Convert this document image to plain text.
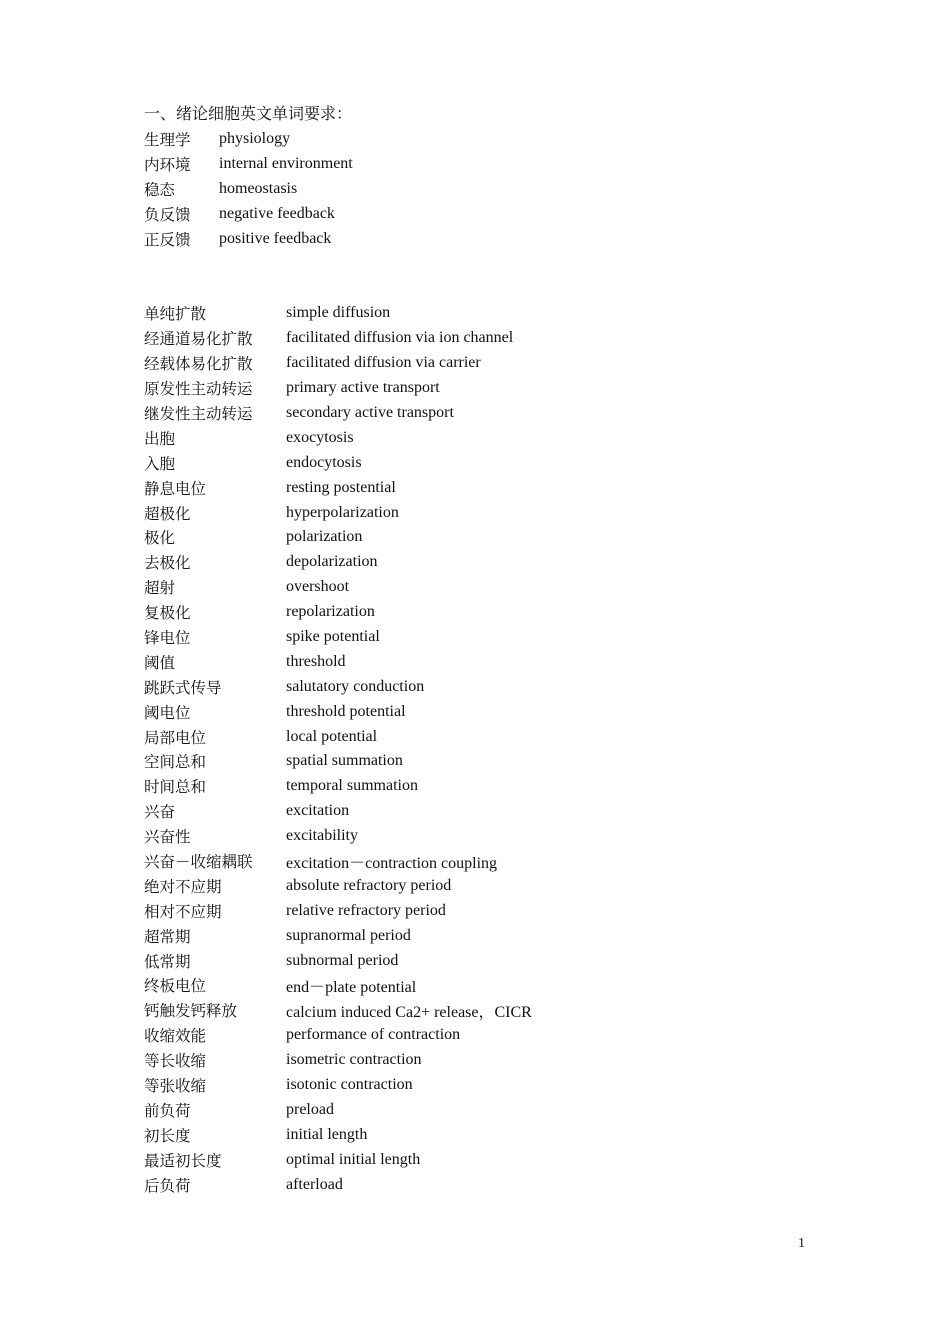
一、绪论细胞英文单词要求：
生理学	physiology
内环境	internal environment
稳态	homeostasis
负反馈	negative feedback
正反馈	positive feedback
单纯扩散	simple diffusion
经通道易化扩散	facilitated diffusion via ion channel
经载体易化扩散	facilitated diffusion via carrier
原发性主动转运	primary active transport
继发性主动转运	secondary active transport
出胞	exocytosis
入胞	endocytosis
静息电位	resting postential
超极化	hyperpolarization
极化	polarization
去极化	depolarization
超射	overshoot
复极化	repolarization
锋电位	spike potential
阈值	threshold
跳跃式传导	salutatory conduction
阈电位	threshold potential
局部电位	local potential
空间总和	spatial summation
时间总和	temporal summation
兴奋	excitation
兴奋性	excitability
兴奋－收缩耦联	excitation－contraction coupling
绝对不应期	absolute refractory period
相对不应期	relative refractory period
超常期	supranormal period
低常期	subnormal period
终板电位	end－plate potential
钙触发钙释放	calcium induced Ca2+ release，CICR
收缩效能	performance of contraction
等长收缩	isometric contraction
等张收缩	isotonic contraction
前负荷	preload
初长度	initial length
最适初长度	optimal initial length
后负荷	afterload
1
